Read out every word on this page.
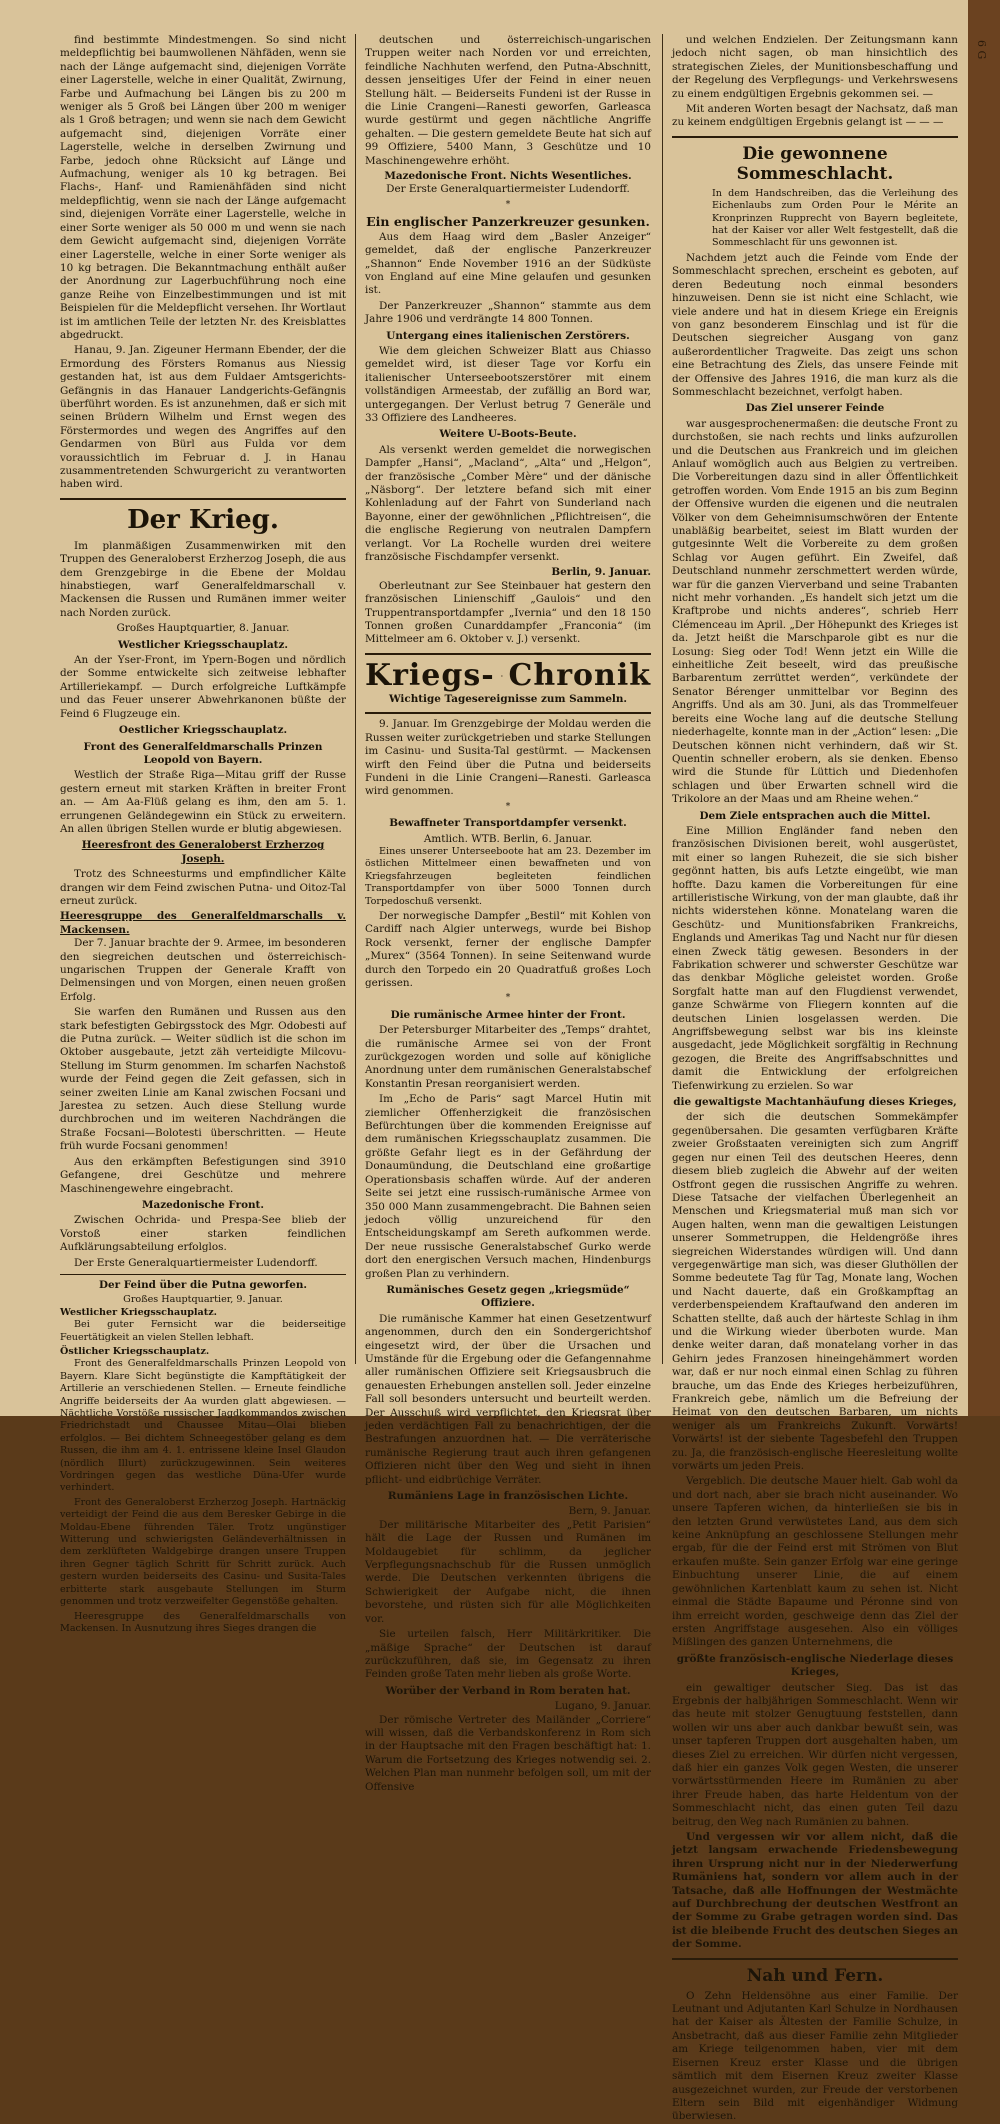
find bestimmte Mindestmengen. So sind nicht meldepflichtig bei baumwollenen Nähfäden, wenn sie nach der Länge aufgemacht sind, diejenigen Vorräte einer Lagerstelle, welche in einer Qualität, Zwirnung, Farbe und Aufmachung bei Längen bis zu 200 m weniger als 5 Groß bei Längen über 200 m weniger als 1 Groß betragen; und wenn sie nach dem Gewicht aufgemacht sind, diejenigen Vorräte einer Lagerstelle, welche in derselben Zwirnung und Farbe, jedoch ohne Rücksicht auf Länge und Aufmachung, weniger als 10 kg betragen. Bei Flachs-, Hanf- und Ramienähfäden sind nicht meldepflichtig, wenn sie nach der Länge aufgemacht sind, diejenigen Vorräte einer Lagerstelle, welche in einer Sorte weniger als 50 000 m und wenn sie nach dem Gewicht aufgemacht sind, diejenigen Vorräte einer Lagerstelle, welche in einer Sorte weniger als 10 kg betragen. Die Bekanntmachung enthält außer der Anordnung zur Lagerbuchführung noch eine ganze Reihe von Einzelbestimmungen und ist mit Beispielen für die Meldepflicht versehen. Ihr Wortlaut ist im amtlichen Teile der letzten Nr. des Kreisblattes abgedruckt.

Hanau, 9. Jan. Zigeuner Hermann Ebender, der die Ermordung des Försters Romanus aus Niessig gestanden hat, ist aus dem Fuldaer Amtsgerichts-Gefängnis in das Hanauer Landgerichts-Gefängnis überführt worden. Es ist anzunehmen, daß er sich mit seinen Brüdern Wilhelm und Ernst wegen des Förstermordes und wegen des Angriffes auf den Gendarmen von Bürl aus Fulda vor dem voraussichtlich im Februar d. J. in Hanau zusammentretenden Schwurgericht zu verantworten haben wird.

Der Krieg.

Im planmäßigen Zusammenwirken mit den Truppen des Generaloberst Erzherzog Joseph, die aus dem Grenzgebirge in die Ebene der Moldau hinabstiegen, warf Generalfeldmarschall v. Mackensen die Russen und Rumänen immer weiter nach Norden zurück.

Großes Hauptquartier, 8. Januar.
Westlicher Kriegsschauplatz.

An der Yser-Front, im Ypern-Bogen und nördlich der Somme entwickelte sich zeitweise lebhafter Artilleriekampf. — Durch erfolgreiche Luftkämpfe und das Feuer unserer Abwehrkanonen büßte der Feind 6 Flugzeuge ein.

Oestlicher Kriegsschauplatz.
Front des Generalfeldmarschalls Prinzen Leopold von Bayern.

Westlich der Straße Riga—Mitau griff der Russe gestern erneut mit starken Kräften in breiter Front an. — Am Aa-Flüß gelang es ihm, den am 5. 1. errungenen Geländegewinn ein Stück zu erweitern. An allen übrigen Stellen wurde er blutig abgewiesen.

Heeresfront des Generaloberst Erzherzog Joseph.

Trotz des Schneesturms und empfindlicher Kälte drangen wir dem Feind zwischen Putna- und Oitoz-Tal erneut zurück.

Heeresgruppe des Generalfeldmarschalls v. Mackensen.

Der 7. Januar brachte der 9. Armee, im besonderen den siegreichen deutschen und österreichisch-ungarischen Truppen der Generale Krafft von Delmensingen und von Morgen, einen neuen großen Erfolg.

Sie warfen den Rumänen und Russen aus den stark befestigten Gebirgsstock des Mgr. Odobesti auf die Putna zurück. — Weiter südlich ist die schon im Oktober ausgebaute, jetzt zäh verteidigte Milcovu-Stellung im Sturm genommen. Im scharfen Nachstoß wurde der Feind gegen die Zeit gefassen, sich in seiner zweiten Linie am Kanal zwischen Focsani und Jarestea zu setzen. Auch diese Stellung wurde durchbrochen und im weiteren Nachdrängen die Straße Focsani—Bolotesti überschritten. — Heute früh wurde Focsani genommen!

Aus den erkämpften Befestigungen sind 3910 Gefangene, drei Geschütze und mehrere Maschinengewehre eingebracht.

Mazedonische Front.

Zwischen Ochrida- und Prespa-See blieb der Vorstoß einer starken feindlichen Aufklärungsabteilung erfolglos.

Der Erste Generalquartiermeister Ludendorff.

Der Feind über die Putna geworfen.
Großes Hauptquartier, 9. Januar.
Westlicher Kriegsschauplatz.

Bei guter Fernsicht war die beiderseitige Feuertätigkeit an vielen Stellen lebhaft.

Östlicher Kriegsschauplatz.

Front des Generalfeldmarschalls Prinzen Leopold von Bayern. Klare Sicht begünstigte die Kampftätigkeit der Artillerie an verschiedenen Stellen. — Erneute feindliche Angriffe beiderseits der Aa wurden glatt abgewiesen. — Nächtliche Vorstöße russischer Jagdkommandos zwischen Friedrichstadt und Chaussee Mitau—Olai blieben erfolglos. — Bei dichtem Schneegestöber gelang es dem Russen, die ihm am 4. 1. entrissene kleine Insel Glaudon (nördlich Illurt) zurückzugewinnen. Sein weiteres Vordringen gegen das westliche Düna-Ufer wurde verhindert.

Front des Generaloberst Erzherzog Joseph. Hartnäckig verteidigt der Feind die aus dem Beresker Gebirge in die Moldau-Ebene führenden Täler. Trotz ungünstiger Witterung und schwierigsten Geländeverhältnissen in dem zerklüfteten Waldgebirge drangen unsere Truppen ihren Gegner täglich Schritt für Schritt zurück. Auch gestern wurden beiderseits des Casinu- und Susita-Tales erbitterte stark ausgebaute Stellungen im Sturm genommen und trotz verzweifelter Gegenstöße gehalten.

Heeresgruppe des Generalfeldmarschalls von Mackensen. In Ausnutzung ihres Sieges drangen die

deutschen und österreichisch-ungarischen Truppen weiter nach Norden vor und erreichten, feindliche Nachhuten werfend, den Putna-Abschnitt, dessen jenseitiges Ufer der Feind in einer neuen Stellung hält. — Beiderseits Fundeni ist der Russe in die Linie Crangeni—Ranesti geworfen, Garleasca wurde gestürmt und gegen nächtliche Angriffe gehalten. — Die gestern gemeldete Beute hat sich auf 99 Offiziere, 5400 Mann, 3 Geschütze und 10 Maschinengewehre erhöht.

Mazedonische Front. Nichts Wesentliches.
Der Erste Generalquartiermeister Ludendorff.
*
Ein englischer Panzerkreuzer gesunken.

Aus dem Haag wird dem „Basler Anzeiger“ gemeldet, daß der englische Panzerkreuzer „Shannon“ Ende November 1916 an der Südküste von England auf eine Mine gelaufen und gesunken ist.

Der Panzerkreuzer „Shannon“ stammte aus dem Jahre 1906 und verdrängte 14 800 Tonnen.

Untergang eines italienischen Zerstörers.

Wie dem gleichen Schweizer Blatt aus Chiasso gemeldet wird, ist dieser Tage vor Korfu ein italienischer Unterseebootszerstörer mit einem vollständigen Armeestab, der zufällig an Bord war, untergegangen. Der Verlust betrug 7 Generäle und 33 Offiziere des Landheeres.

Weitere U-Boots-Beute.

Als versenkt werden gemeldet die norwegischen Dampfer „Hansi“, „Macland“, „Alta“ und „Helgon“, der französische „Comber Mère“ und der dänische „Näsborg“. Der letztere befand sich mit einer Kohlenladung auf der Fahrt von Sunderland nach Bayonne, einer der gewöhnlichen „Pflichtreisen“, die die englische Regierung von neutralen Dampfern verlangt. Vor La Rochelle wurden drei weitere französische Fischdampfer versenkt.

Berlin, 9. Januar.

Oberleutnant zur See Steinbauer hat gestern den französischen Linienschiff „Gaulois“ und den Truppentransportdampfer „Ivernia“ und den 18 150 Tonnen großen Cunarddampfer „Franconia“ (im Mittelmeer am 6. Oktober v. J.) versenkt.

Kriegs- Chronik
Wichtige Tagesereignisse zum Sammeln.

9. Januar. Im Grenzgebirge der Moldau werden die Russen weiter zurückgetrieben und starke Stellungen im Casinu- und Susita-Tal gestürmt. — Mackensen wirft den Feind über die Putna und beiderseits Fundeni in die Linie Crangeni—Ranesti. Garleasca wird genommen.

*
Bewaffneter Transportdampfer versenkt.
Amtlich. WTB. Berlin, 6. Januar.

Eines unserer Unterseeboote hat am 23. Dezember im östlichen Mittelmeer einen bewaffneten und von Kriegsfahrzeugen begleiteten feindlichen Transportdampfer von über 5000 Tonnen durch Torpedoschuß versenkt.

Der norwegische Dampfer „Bestil“ mit Kohlen von Cardiff nach Algier unterwegs, wurde bei Bishop Rock versenkt, ferner der englische Dampfer „Murex“ (3564 Tonnen). In seine Seitenwand wurde durch den Torpedo ein 20 Quadratfuß großes Loch gerissen.

*
Die rumänische Armee hinter der Front.

Der Petersburger Mitarbeiter des „Temps“ drahtet, die rumänische Armee sei von der Front zurückgezogen worden und solle auf königliche Anordnung unter dem rumänischen Generalstabschef Konstantin Presan reorganisiert werden.

Im „Echo de Paris“ sagt Marcel Hutin mit ziemlicher Offenherzigkeit die französischen Befürchtungen über die kommenden Ereignisse auf dem rumänischen Kriegsschauplatz zusammen. Die größte Gefahr liegt es in der Gefährdung der Donaumündung, die Deutschland eine großartige Operationsbasis schaffen würde. Auf der anderen Seite sei jetzt eine russisch-rumänische Armee von 350 000 Mann zusammengebracht. Die Bahnen seien jedoch völlig unzureichend für den Entscheidungskampf am Sereth aufkommen werde. Der neue russische Generalstabschef Gurko werde dort den energischen Versuch machen, Hindenburgs großen Plan zu verhindern.

Rumänisches Gesetz gegen „kriegsmüde“ Offiziere.

Die rumänische Kammer hat einen Gesetzentwurf angenommen, durch den ein Sondergerichtshof eingesetzt wird, der über die Ursachen und Umstände für die Ergebung oder die Gefangennahme aller rumänischen Offiziere seit Kriegsausbruch die genauesten Erhebungen anstellen soll. Jeder einzelne Fall soll besonders untersucht und beurteilt werden. Der Ausschuß wird verpflichtet, den Kriegsrat über jeden verdächtigen Fall zu benachrichtigen, der die Bestrafungen anzuordnen hat. — Die verräterische rumänische Regierung traut auch ihren gefangenen Offizieren nicht über den Weg und sieht in ihnen pflicht- und eidbrüchige Verräter.

Rumäniens Lage in französischen Lichte.
Bern, 9. Januar.

Der militärische Mitarbeiter des „Petit Parisien“ hält die Lage der Russen und Rumänen im Moldaugebiet für schlimm, da jeglicher Verpflegungsnachschub für die Russen unmöglich werde. Die Deutschen verkennten übrigens die Schwierigkeit der Aufgabe nicht, die ihnen bevorstehe, und rüsten sich für alle Möglichkeiten vor.

Sie urteilen falsch, Herr Militärkritiker. Die „mäßige Sprache“ der Deutschen ist darauf zurückzuführen, daß sie, im Gegensatz zu ihren Feinden große Taten mehr lieben als große Worte.

Worüber der Verband in Rom beraten hat.
Lugano, 9. Januar.

Der römische Vertreter des Mailänder „Corriere“ will wissen, daß die Verbandskonferenz in Rom sich in der Hauptsache mit den Fragen beschäftigt hat: 1. Warum die Fortsetzung des Krieges notwendig sei. 2. Welchen Plan man nunmehr befolgen soll, um mit der Offensive

und welchen Endzielen. Der Zeitungsmann kann jedoch nicht sagen, ob man hinsichtlich des strategischen Zieles, der Munitionsbeschaffung und der Regelung des Verpflegungs- und Verkehrswesens zu einem endgültigen Ergebnis gekommen sei. —

Mit anderen Worten besagt der Nachsatz, daß man zu keinem endgültigen Ergebnis gelangt ist — — —

Die gewonnene Sommeschlacht.

In dem Handschreiben, das die Verleihung des Eichenlaubs zum Orden Pour le Mérite an Kronprinzen Rupprecht von Bayern begleitete, hat der Kaiser vor aller Welt festgestellt, daß die Sommeschlacht für uns gewonnen ist.

Nachdem jetzt auch die Feinde vom Ende der Sommeschlacht sprechen, erscheint es geboten, auf deren Bedeutung noch einmal besonders hinzuweisen. Denn sie ist nicht eine Schlacht, wie viele andere und hat in diesem Kriege ein Ereignis von ganz besonderem Einschlag und ist für die Deutschen siegreicher Ausgang von ganz außerordentlicher Tragweite. Das zeigt uns schon eine Betrachtung des Ziels, das unsere Feinde mit der Offensive des Jahres 1916, die man kurz als die Sommeschlacht bezeichnet, verfolgt haben.

Das Ziel unserer Feinde

war ausgesprochenermaßen: die deutsche Front zu durchstoßen, sie nach rechts und links aufzurollen und die Deutschen aus Frankreich und im gleichen Anlauf womöglich auch aus Belgien zu vertreiben. Die Vorbereitungen dazu sind in aller Öffentlichkeit getroffen worden. Vom Ende 1915 an bis zum Beginn der Offensive wurden die eigenen und die neutralen Völker von dem Geheimnisumschwören der Entente unabläßig bearbeitet, seiest im Blatt wurden der gutgesinnte Welt die Vorbereite zu dem großen Schlag vor Augen geführt. Ein Zweifel, daß Deutschland nunmehr zerschmettert werden würde, war für die ganzen Vierverband und seine Trabanten nicht mehr vorhanden. „Es handelt sich jetzt um die Kraftprobe und nichts anderes“, schrieb Herr Clémenceau im April. „Der Höhepunkt des Krieges ist da. Jetzt heißt die Marschparole gibt es nur die Losung: Sieg oder Tod! Wenn jetzt ein Wille die einheitliche Zeit beseelt, wird das preußische Barbarentum zerrüttet werden“, verkündete der Senator Bérenger unmittelbar vor Beginn des Angriffs. Und als am 30. Juni, als das Trommelfeuer bereits eine Woche lang auf die deutsche Stellung niederhagelte, konnte man in der „Action“ lesen: „Die Deutschen können nicht verhindern, daß wir St. Quentin schneller erobern, als sie denken. Ebenso wird die Stunde für Lüttich und Diedenhofen schlagen und über Erwarten schnell wird die Trikolore an der Maas und am Rheine wehen.“

Dem Ziele entsprachen auch die Mittel.

Eine Million Engländer fand neben den französischen Divisionen bereit, wohl ausgerüstet, mit einer so langen Ruhezeit, die sie sich bisher gegönnt hatten, bis aufs Letzte eingeübt, wie man hoffte. Dazu kamen die Vorbereitungen für eine artilleristische Wirkung, von der man glaubte, daß ihr nichts widerstehen könne. Monatelang waren die Geschütz- und Munitionsfabriken Frankreichs, Englands und Amerikas Tag und Nacht nur für diesen einen Zweck tätig gewesen. Besonders in der Fabrikation schwerer und schwerster Geschütze war das denkbar Mögliche geleistet worden. Große Sorgfalt hatte man auf den Flugdienst verwendet, ganze Schwärme von Fliegern konnten auf die deutschen Linien losgelassen werden. Die Angriffsbewegung selbst war bis ins kleinste ausgedacht, jede Möglichkeit sorgfältig in Rechnung gezogen, die Breite des Angriffsabschnittes und damit die Entwicklung der erfolgreichen Tiefenwirkung zu erzielen. So war

die gewaltigste Machtanhäufung dieses Krieges,

der sich die deutschen Sommekämpfer gegenübersahen. Die gesamten verfügbaren Kräfte zweier Großstaaten vereinigten sich zum Angriff gegen nur einen Teil des deutschen Heeres, denn diesem blieb zugleich die Abwehr auf der weiten Ostfront gegen die russischen Angriffe zu wehren. Diese Tatsache der vielfachen Überlegenheit an Menschen und Kriegsmaterial muß man sich vor Augen halten, wenn man die gewaltigen Leistungen unserer Sommetruppen, die Heldengröße ihres siegreichen Widerstandes würdigen will. Und dann vergegenwärtige man sich, was dieser Gluthöllen der Somme bedeutete Tag für Tag, Monate lang, Wochen und Nacht dauerte, daß ein Großkampftag an verderbenspeiendem Kraftaufwand den anderen im Schatten stellte, daß auch der härteste Schlag in ihm und die Wirkung wieder überboten wurde. Man denke weiter daran, daß monatelang vorher in das Gehirn jedes Franzosen hineingehämmert worden war, daß er nur noch einmal einen Schlag zu führen brauche, um das Ende des Krieges herbeizuführen, Frankreich gebe, nämlich um die Befreiung der Heimat von den deutschen Barbaren, um nichts weniger als um Frankreichs Zukunft. Vorwärts! Vorwärts! ist der siebente Tagesbefehl den Truppen zu. Ja, die französisch-englische Heeresleitung wollte vorwärts um jeden Preis.

Vergeblich. Die deutsche Mauer hielt. Gab wohl da und dort nach, aber sie brach nicht auseinander. Wo unsere Tapferen wichen, da hinterließen sie bis in den letzten Grund verwüstetes Land, aus dem sich keine Anknüpfung an geschlossene Stellungen mehr ergab, für die der Feind erst mit Strömen von Blut erkaufen mußte. Sein ganzer Erfolg war eine geringe Einbuchtung unserer Linie, die auf einem gewöhnlichen Kartenblatt kaum zu sehen ist. Nicht einmal die Städte Bapaume und Péronne sind von ihm erreicht worden, geschweige denn das Ziel der ersten Angriffstage ausgesehen. Also ein völliges Mißlingen des ganzen Unternehmens, die

größte französisch-englische Niederlage dieses Krieges,

ein gewaltiger deutscher Sieg. Das ist das Ergebnis der halbjährigen Sommeschlacht. Wenn wir das heute mit stolzer Genugtuung feststellen, dann wollen wir uns aber auch dankbar bewußt sein, was unser tapferen Truppen dort ausgehalten haben, um dieses Ziel zu erreichen. Wir dürfen nicht vergessen, daß hier ein ganzes Volk gegen Westen, die unserer vorwärtsstürmenden Heere im Rumänien zu aber ihrer Freude haben, das harte Heldentum von der Sommeschlacht nicht, das einen guten Teil dazu beitrug, den Weg nach Rumänien zu bahnen.

Und vergessen wir vor allem nicht, daß die jetzt langsam erwachende Friedensbewegung ihren Ursprung nicht nur in der Niederwerfung Rumäniens hat, sondern vor allem auch in der Tatsache, daß alle Hoffnungen der Westmächte auf Durchbrechung der deutschen Westfront an der Somme zu Grabe getragen worden sind. Das ist die bleibende Frucht des deutschen Sieges an der Somme.

Nah und Fern.

O Zehn Heldensöhne aus einer Familie. Der Leutnant und Adjutanten Karl Schulze in Nordhausen hat der Kaiser als Ältesten der Familie Schulze, in Ansbetracht, daß aus dieser Familie zehn Mitglieder am Kriege teilgenommen haben, vier mit dem Eisernen Kreuz erster Klasse und die übrigen sämtlich mit dem Eisernen Kreuz zweiter Klasse ausgezeichnet wurden, zur Freude der verstorbenen Eltern sein Bild mit eigenhändiger Widmung überwiesen.

6 G
